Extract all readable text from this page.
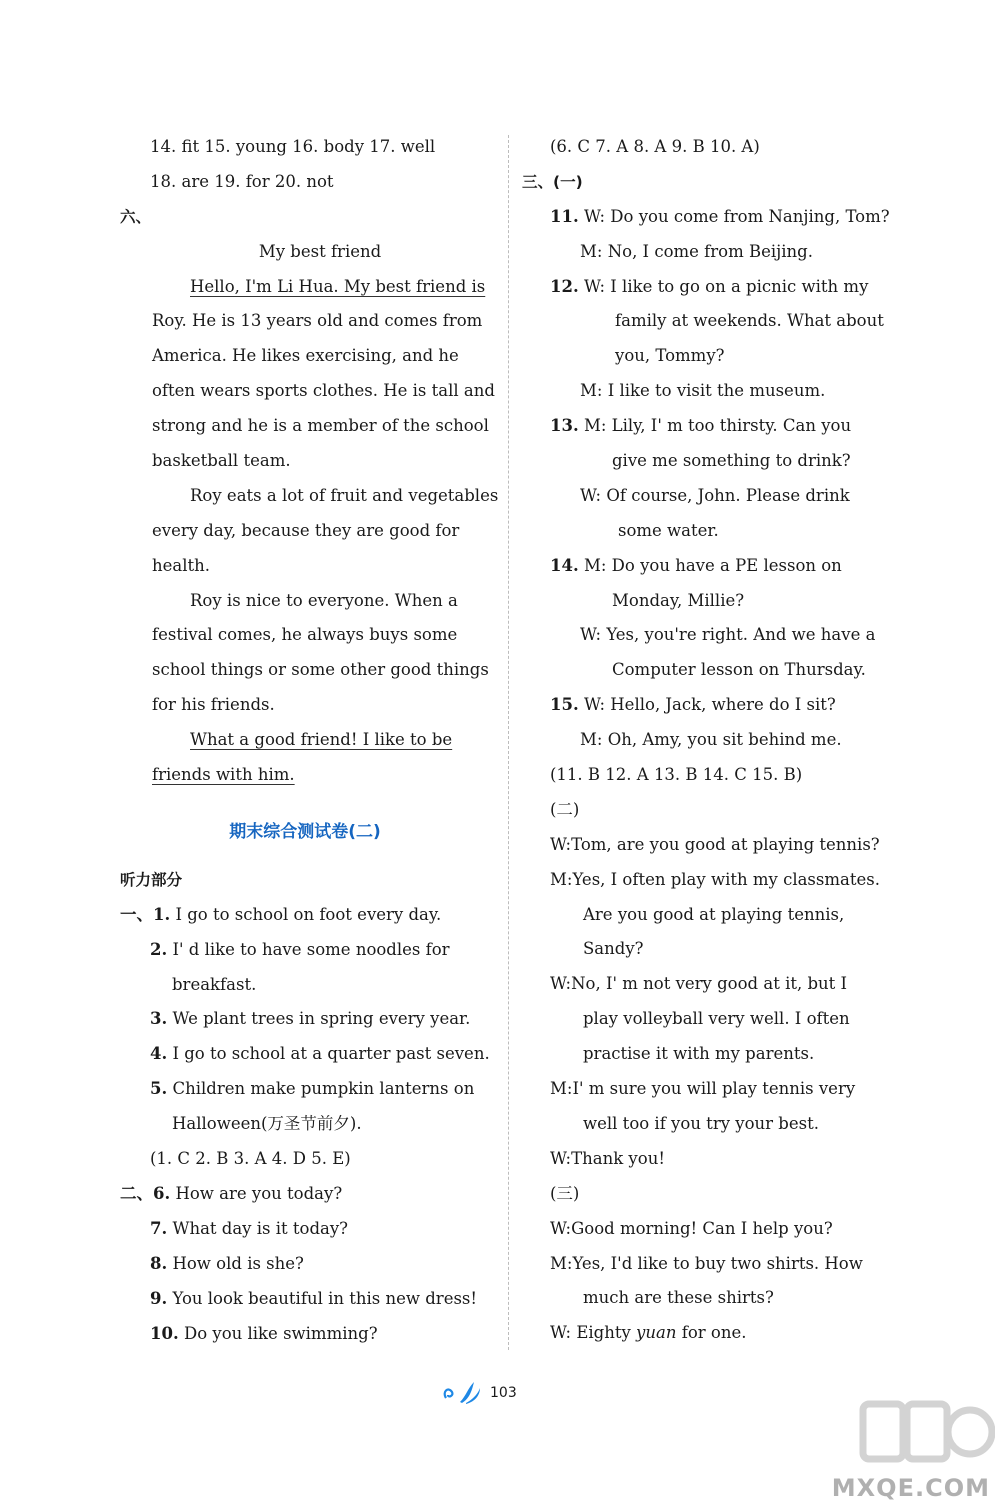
14. fit 15. young 16. body 17. well
18. are 19. for 20. not
六、
My best friend
Hello, I'm Li Hua. My best friend is
Roy. He is 13 years old and comes from
America. He likes exercising, and he
often wears sports clothes. He is tall and
strong and he is a member of the school
basketball team.
Roy eats a lot of fruit and vegetables
every day, because they are good for
health.
Roy is nice to everyone. When a
festival comes, he always buys some
school things or some other good things
for his friends.
What a good friend! I like to be
friends with him.
期末综合测试卷(二)
听力部分
一、1. I go to school on foot every day.
2. I' d like to have some noodles for
breakfast.
3. We plant trees in spring every year.
4. I go to school at a quarter past seven.
5. Children make pumpkin lanterns on
Halloween(万圣节前夕).
(1. C 2. B 3. A 4. D 5. E)
二、6. How are you today?
7. What day is it today?
8. How old is she?
9. You look beautiful in this new dress!
10. Do you like swimming?
(6. C 7. A 8. A 9. B 10. A)
三、(一)
11. W: Do you come from Nanjing, Tom?
M: No, I come from Beijing.
12. W: I like to go on a picnic with my
family at weekends. What about
you, Tommy?
M: I like to visit the museum.
13. M: Lily, I' m too thirsty. Can you
give me something to drink?
W: Of course, John. Please drink
some water.
14. M: Do you have a PE lesson on
Monday, Millie?
W: Yes, you're right. And we have a
Computer lesson on Thursday.
15. W: Hello, Jack, where do I sit?
M: Oh, Amy, you sit behind me.
(11. B 12. A 13. B 14. C 15. B)
(二)
W:Tom, are you good at playing tennis?
M:Yes, I often play with my classmates.
Are you good at playing tennis,
Sandy?
W:No, I' m not very good at it, but I
play volleyball very well. I often
practise it with my parents.
M:I' m sure you will play tennis very
well too if you try your best.
W:Thank you!
(三)
W:Good morning! Can I help you?
M:Yes, I'd like to buy two shirts. How
much are these shirts?
W: Eighty yuan for one.
103
MXQE.COM
